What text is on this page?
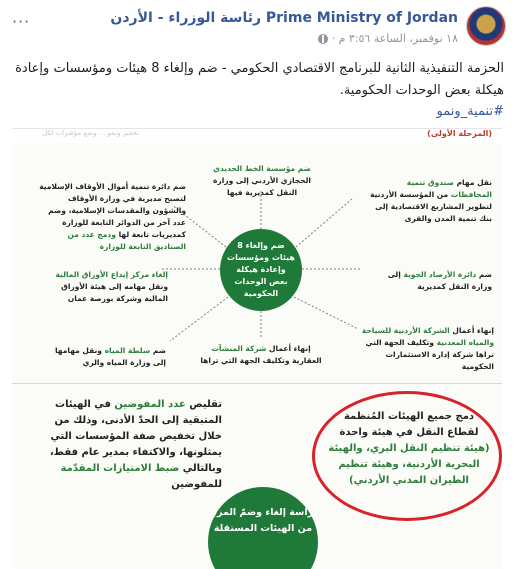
رئاسة الوزراء - الأردن Prime Ministry of Jordan
١٨ نوفمبر، الساعة ٣:٥٦ م ·
···
الحزمة التنفيذية الثانية للبرنامج الاقتصادي الحكومي - ضم وإلغاء 8 هيئات ومؤسسات وإعادة هيكلة بعض الوحدات الحكومية.
#تنمية_ونمو
تحفيز ونمو ... وضع مؤشرات لكل	(المرحلة الأولى)
ضم مؤسسة الخط الحديدي الحجازي الأردني إلى وزارة النقل كمديرية فيها
ضم دائرة تنمية أموال الأوقاف الإسلامية لتصبح مديرية في وزارة الأوقاف والشؤون والمقدسات الإسلامية، وضم عدد آخر من الدوائر التابعة للوزارة كمديريات تابعة لها ودمج عدد من الصناديق التابعة للوزارة
نقل مهام صندوق تنمية المحافظات من المؤسسة الأردنية لتطوير المشاريع الاقتصادية إلى بنك تنمية المدن والقرى
ضم وإلغاء 8 هيئات ومؤسسات وإعادة هيكلة بعض الوحدات الحكومية
إلغاء مركز إيداع الأوراق المالية ونقل مهامه إلى هيئة الأوراق المالية وشركة بورصة عمان
ضم دائرة الأرصاد الجوية إلى وزارة النقل كمديرية
ضم سلطة المياه ونقل مهامها إلى وزارة المياه والري
إنهاء أعمال شركة المنشآت العقارية وتكليف الجهة التي تراها
إنهاء أعمال الشركة الأردنية للسياحة والمياه المعدنية وتكليف الجهة التي تراها شركة إدارة الاستثمارات الحكومية
تقليص عدد المفوضين في الهيئات المتبقية إلى الحدّ الأدنى، وذلك من خلال تخفيض صفة المؤسسات التي يمثلونها، والاكتفاء بمدير عام فقط، وبالتالي ضبط الامتيازات المقدّمة للمفوضين
دمج جميع الهيئات المُنظمة لقطاع النقل في هيئة واحدة (هيئة تنظيم النقل البري، والهيئة البحرية الأردنية، وهيئة تنظيم الطيران المدني الأردني)
دراسة إلغاء وضمّ المزيد من الهيئات المستقلة
